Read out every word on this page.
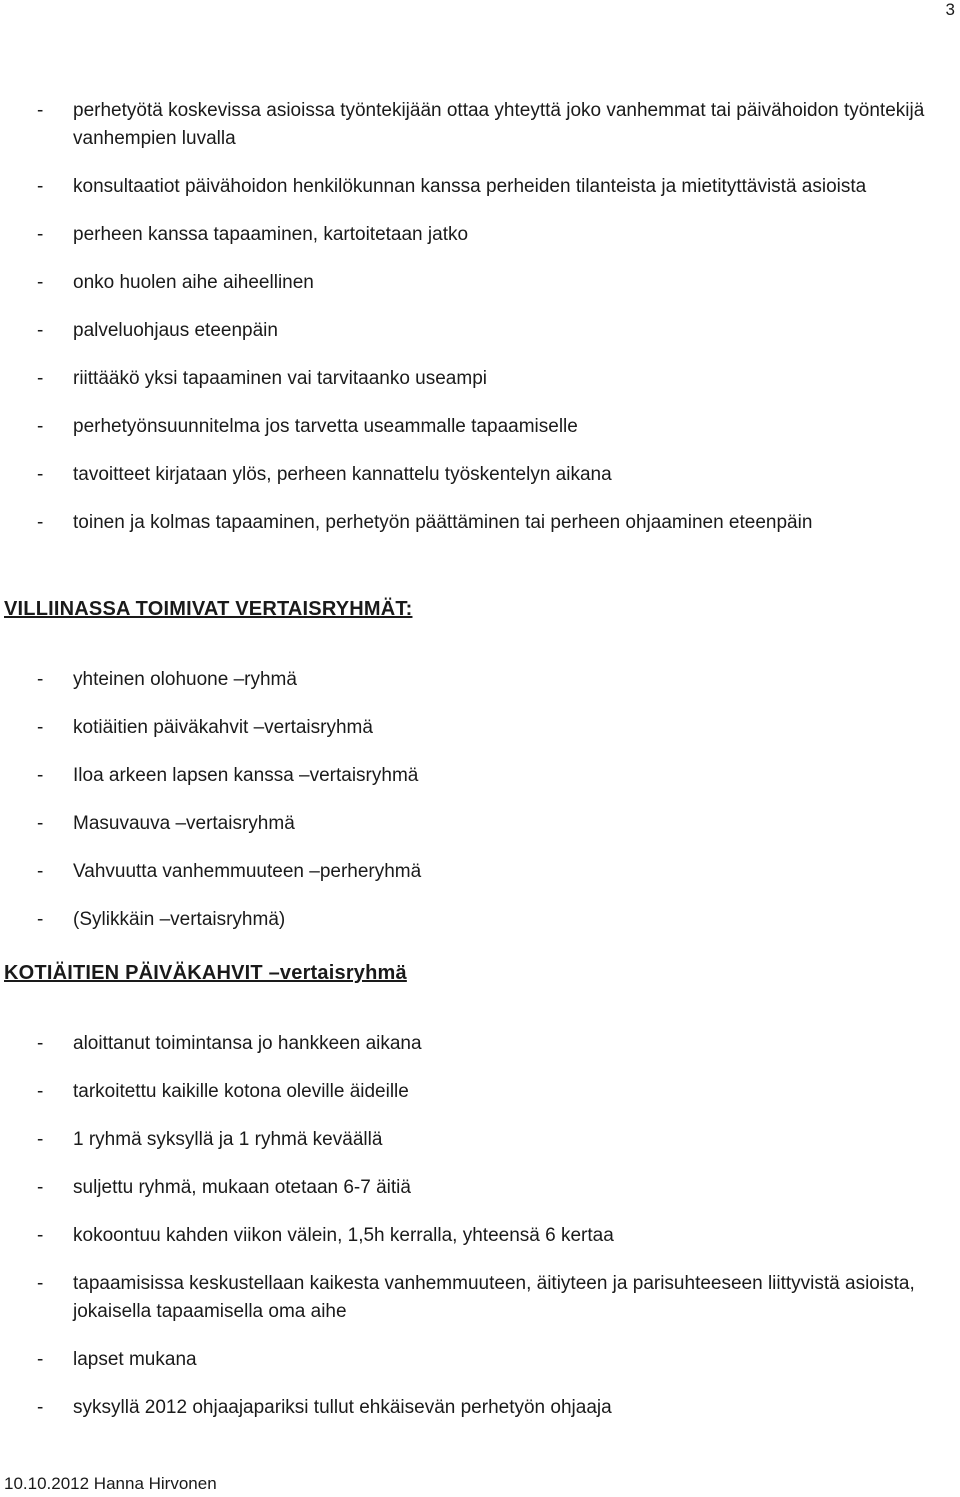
3
- perhetyötä koskevissa asioissa työntekijään ottaa yhteyttä joko vanhemmat tai päivähoidon työntekijä vanhempien luvalla
- konsultaatiot päivähoidon henkilökunnan kanssa perheiden tilanteista ja mietityttävistä asioista
- perheen kanssa tapaaminen, kartoitetaan jatko
- onko huolen aihe aiheellinen
- palveluohjaus eteenpäin
- riittääkö yksi tapaaminen vai tarvitaanko useampi
- perhetyönsuunnitelma jos tarvetta useammalle tapaamiselle
- tavoitteet kirjataan ylös, perheen kannattelu työskentelyn aikana
- toinen ja kolmas tapaaminen, perhetyön päättäminen tai perheen ohjaaminen eteenpäin
VILLIINASSA TOIMIVAT VERTAISRYHMÄT:
- yhteinen olohuone –ryhmä
- kotiäitien päiväkahvit –vertaisryhmä
- Iloa arkeen lapsen kanssa –vertaisryhmä
- Masuvauva –vertaisryhmä
- Vahvuutta vanhemmuuteen –perheryhmä
- (Sylikkäin –vertaisryhmä)
KOTIÄITIEN PÄIVÄKAHVIT –vertaisryhmä
- aloittanut toimintansa jo hankkeen aikana
- tarkoitettu kaikille kotona oleville äideille
- 1 ryhmä syksyllä ja 1 ryhmä keväällä
- suljettu ryhmä, mukaan otetaan 6-7 äitiä
- kokoontuu kahden viikon välein, 1,5h kerralla, yhteensä 6 kertaa
- tapaamisissa keskustellaan kaikesta vanhemmuuteen, äitiyteen ja parisuhteeseen liittyvistä asioista, jokaisella tapaamisella oma aihe
- lapset mukana
- syksyllä 2012 ohjaajapariksi tullut ehkäisevän perhetyön ohjaaja
10.10.2012 Hanna Hirvonen
